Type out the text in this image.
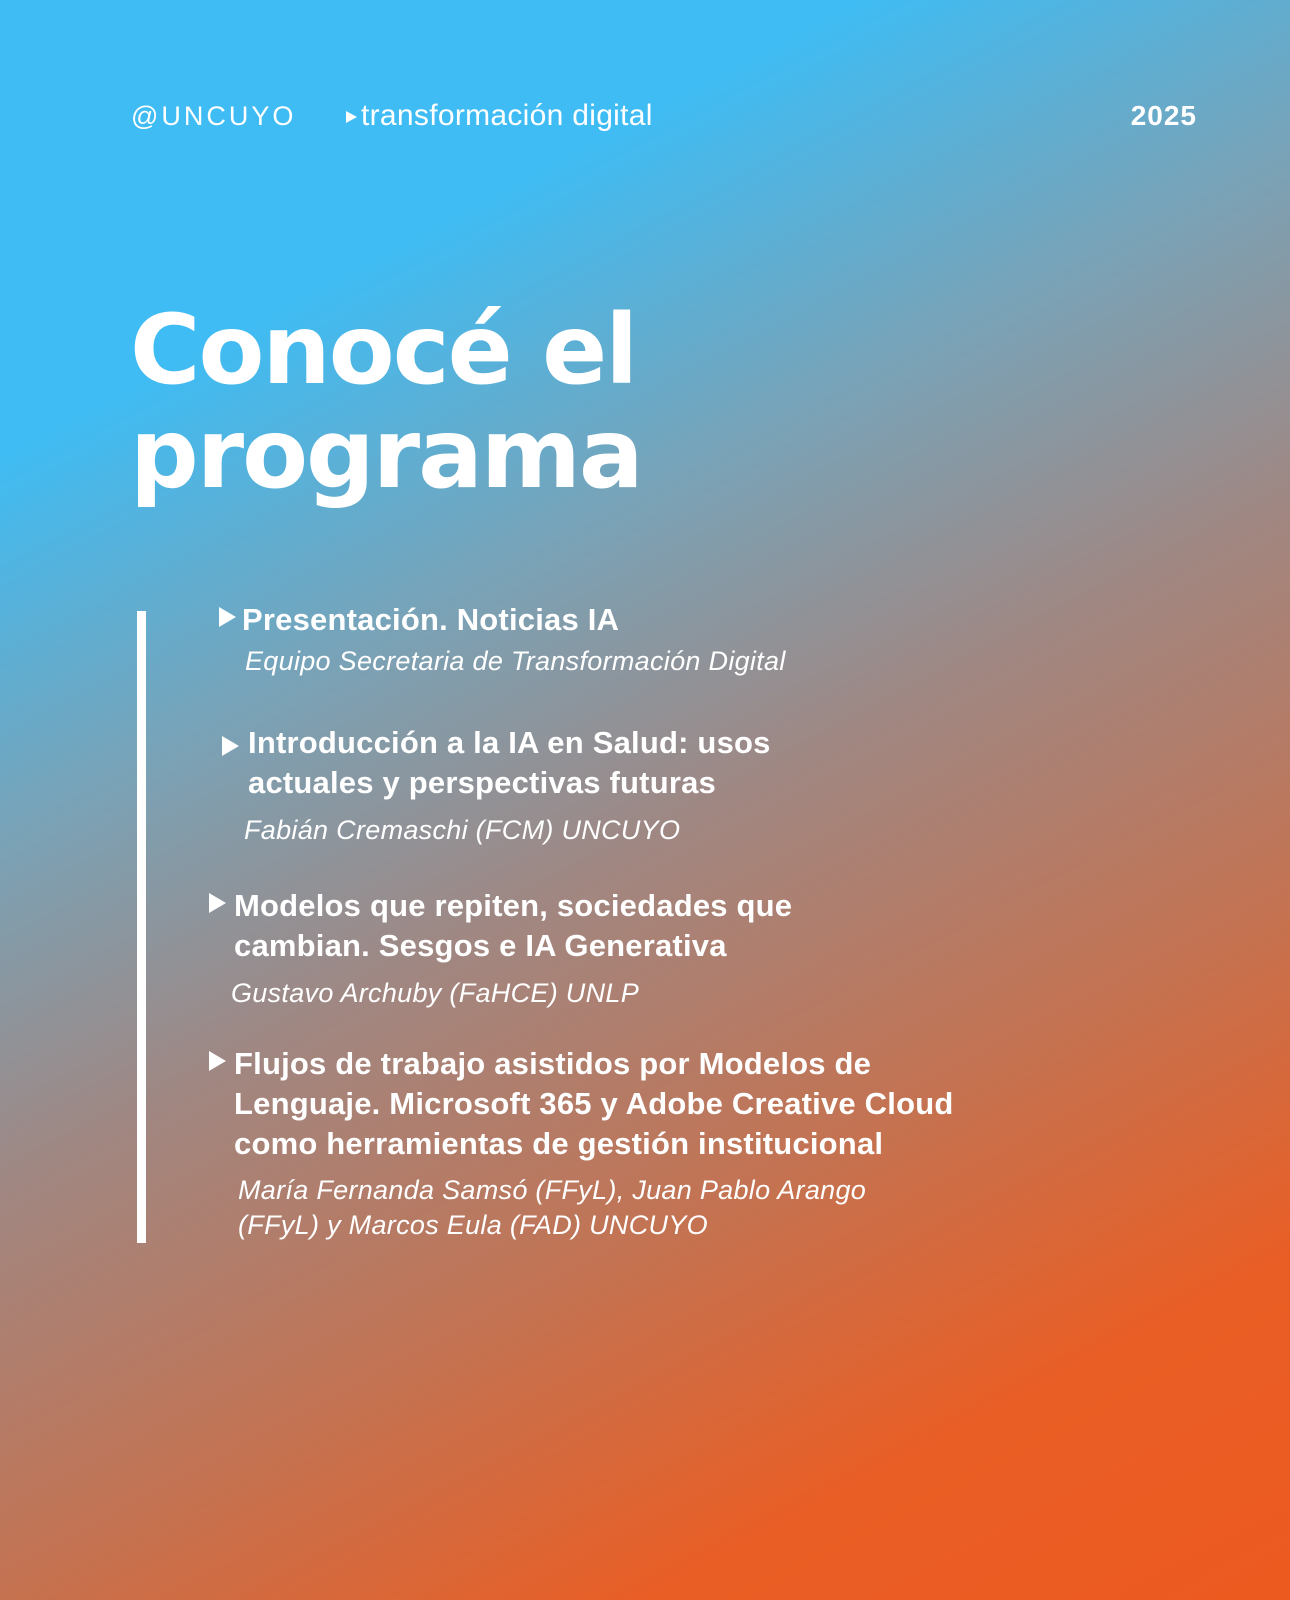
@UNCUYO	transformación digital	2025
Conocé el
programa

Presentación. Noticias IA

Equipo Secretaria de Transformación Digital

Introducción a la IA en Salud: usos
actuales y perspectivas futuras

Fabián Cremaschi (FCM) UNCUYO

Modelos que repiten, sociedades que
cambian. Sesgos e IA Generativa

Gustavo Archuby (FaHCE) UNLP

Flujos de trabajo asistidos por Modelos de
Lenguaje. Microsoft 365 y Adobe Creative Cloud
como herramientas de gestión institucional

María Fernanda Samsó (FFyL), Juan Pablo Arango
(FFyL) y Marcos Eula (FAD) UNCUYO
